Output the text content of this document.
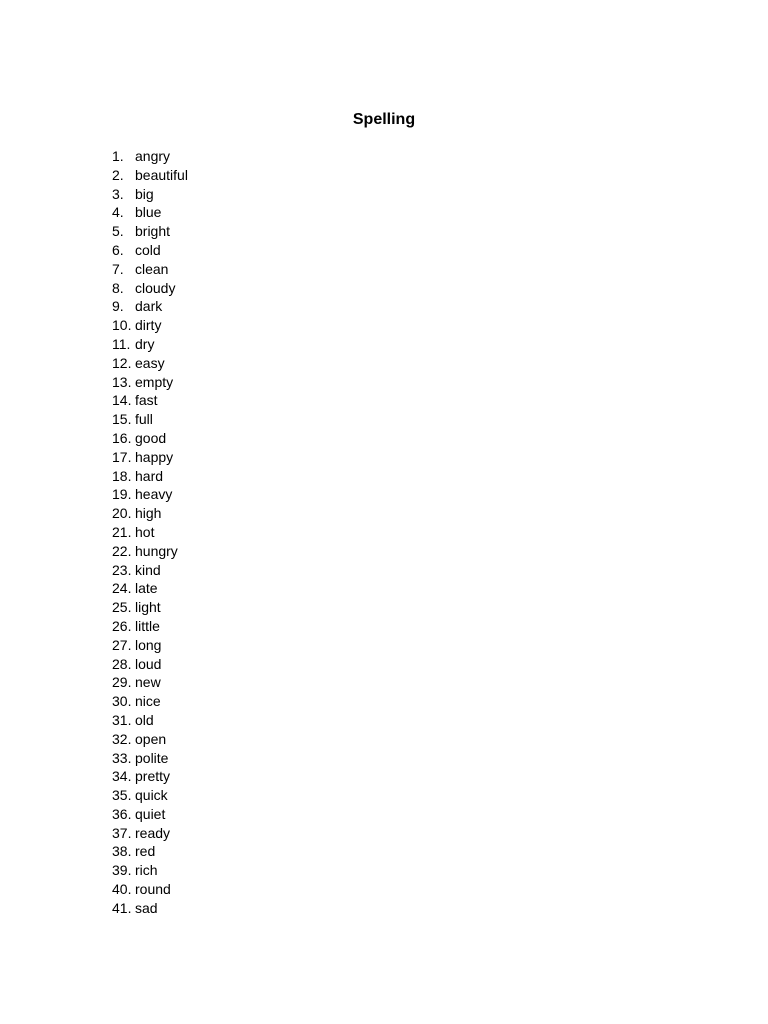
Spelling
1. angry
2. beautiful
3. big
4. blue
5. bright
6. cold
7. clean
8. cloudy
9. dark
10. dirty
11. dry
12. easy
13. empty
14. fast
15. full
16. good
17. happy
18. hard
19. heavy
20. high
21. hot
22. hungry
23. kind
24. late
25. light
26. little
27. long
28. loud
29. new
30. nice
31. old
32. open
33. polite
34. pretty
35. quick
36. quiet
37. ready
38. red
39. rich
40. round
41. sad
